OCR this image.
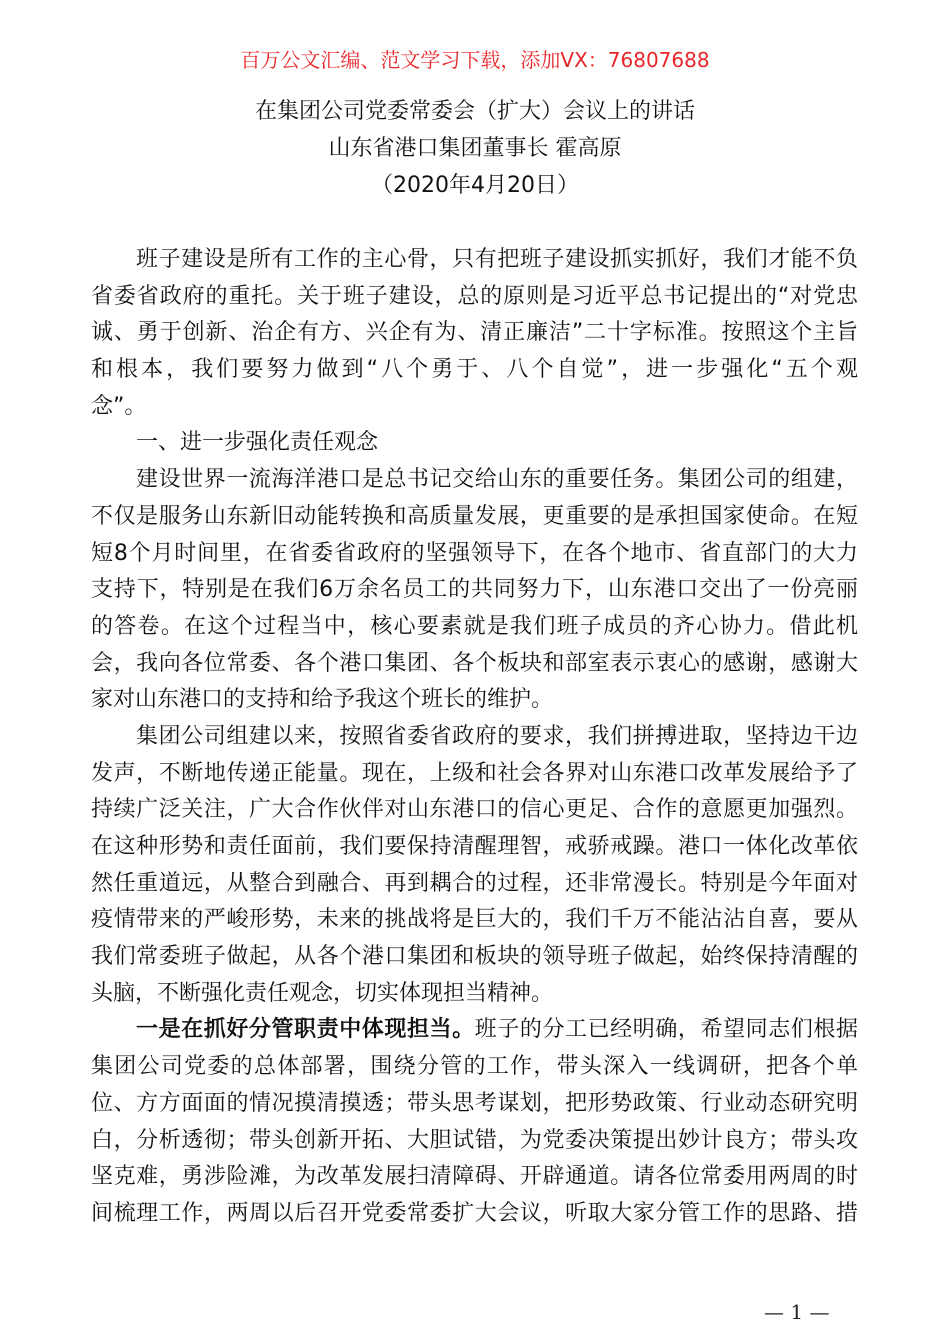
百万公文汇编、范文学习下载，添加VX：76807688
在集团公司党委常委会（扩大）会议上的讲话
山东省港口集团董事长 霍高原
（2020年4月20日）
班子建设是所有工作的主心骨，只有把班子建设抓实抓好，我们才能不负
省委省政府的重托。关于班子建设，总的原则是习近平总书记提出的“对党忠
诚、勇于创新、治企有方、兴企有为、清正廉洁”二十字标准。按照这个主旨
和根本，我们要努力做到“八个勇于、八个自觉”，进一步强化“五个观
念”。
一、进一步强化责任观念
建设世界一流海洋港口是总书记交给山东的重要任务。集团公司的组建，
不仅是服务山东新旧动能转换和高质量发展，更重要的是承担国家使命。在短
短8个月时间里，在省委省政府的坚强领导下，在各个地市、省直部门的大力
支持下，特别是在我们6万余名员工的共同努力下，山东港口交出了一份亮丽
的答卷。在这个过程当中，核心要素就是我们班子成员的齐心协力。借此机
会，我向各位常委、各个港口集团、各个板块和部室表示衷心的感谢，感谢大
家对山东港口的支持和给予我这个班长的维护。
集团公司组建以来，按照省委省政府的要求，我们拼搏进取，坚持边干边
发声，不断地传递正能量。现在，上级和社会各界对山东港口改革发展给予了
持续广泛关注，广大合作伙伴对山东港口的信心更足、合作的意愿更加强烈。
在这种形势和责任面前，我们要保持清醒理智，戒骄戒躁。港口一体化改革依
然任重道远，从整合到融合、再到耦合的过程，还非常漫长。特别是今年面对
疫情带来的严峻形势，未来的挑战将是巨大的，我们千万不能沾沾自喜，要从
我们常委班子做起，从各个港口集团和板块的领导班子做起，始终保持清醒的
头脑，不断强化责任观念，切实体现担当精神。
一是在抓好分管职责中体现担当。班子的分工已经明确，希望同志们根据
集团公司党委的总体部署，围绕分管的工作，带头深入一线调研，把各个单
位、方方面面的情况摸清摸透；带头思考谋划，把形势政策、行业动态研究明
白，分析透彻；带头创新开拓、大胆试错，为党委决策提出妙计良方；带头攻
坚克难，勇涉险滩，为改革发展扫清障碍、开辟通道。请各位常委用两周的时
间梳理工作，两周以后召开党委常委扩大会议，听取大家分管工作的思路、措
— 1 —
